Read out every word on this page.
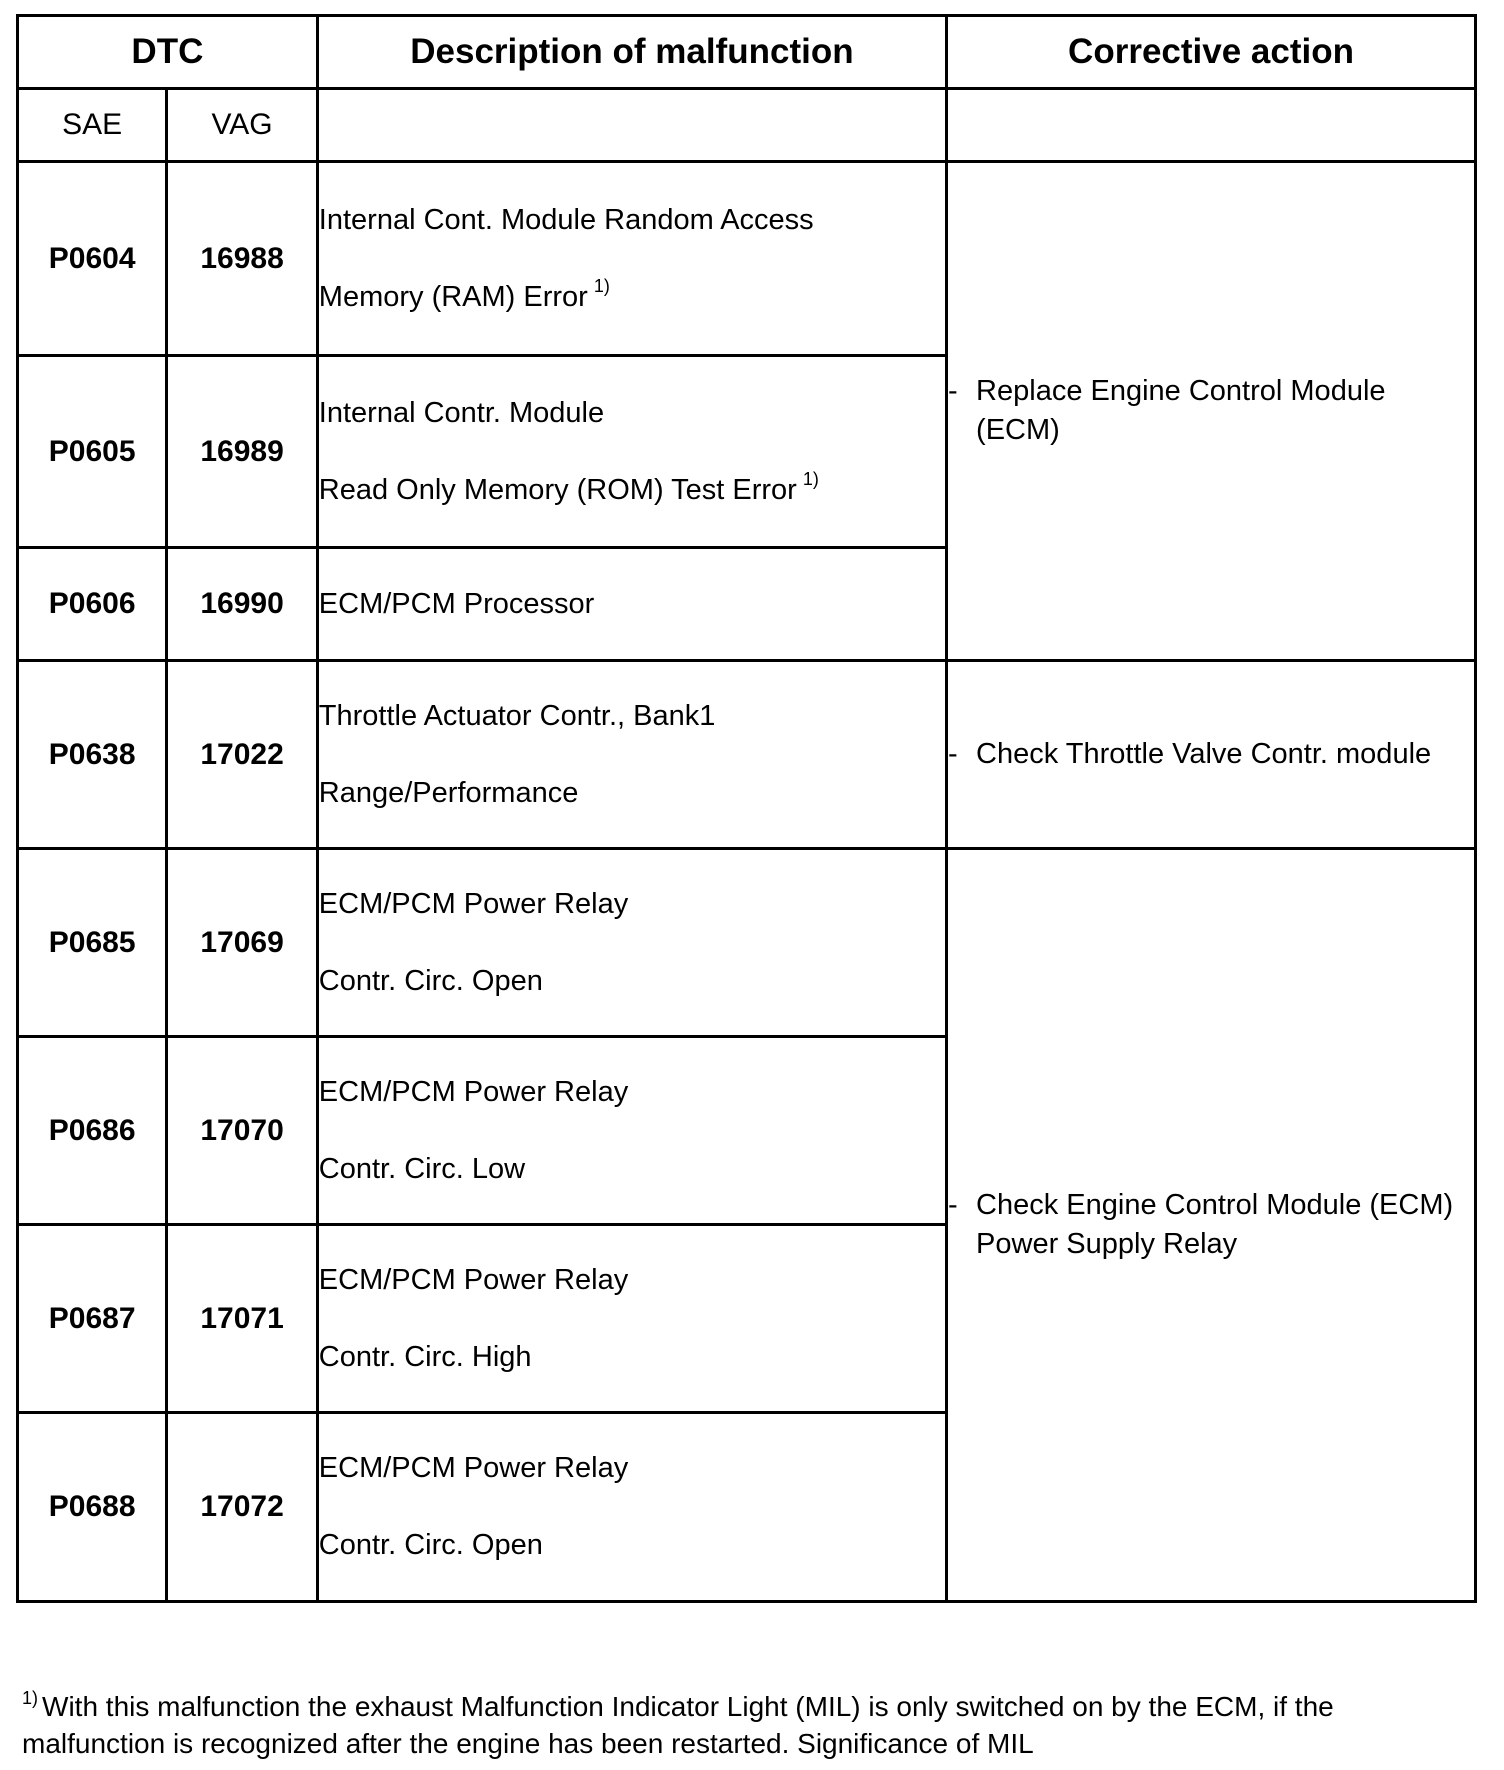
DTC		Description of malfunction	Corrective action
SAE	VAG		
P0604	16988	Internal Cont. Module Random Access
Memory (RAM) Error $^{1)}$	- Replace Engine Control Module (ECM)

P0605	16989	Internal Contr. Module
Read Only Memory (ROM) Test Error $^{1)}$

P0606	16990	ECM/PCM Processor	

P0638	17022	Throttle Actuator Contr., Bank1
Range/Performance	- Check Throttle Valve Contr. module

P0685	17069	ECM/PCM Power Relay
Contr. Circ. Open	- Check Engine Control Module (ECM) Power Supply Relay

P0686	17070	ECM/PCM Power Relay
Contr. Circ. Low	

P0687	17071	ECM/PCM Power Relay
Contr. Circ. High	

P0688	17072	ECM/PCM Power Relay
Contr. Circ. Open	
$^{1)}$ With this malfunction the exhaust Malfunction Indicator Light (MIL) is only switched on by the ECM, if the malfunction is recognized after the engine has been restarted. Significance of MIL
